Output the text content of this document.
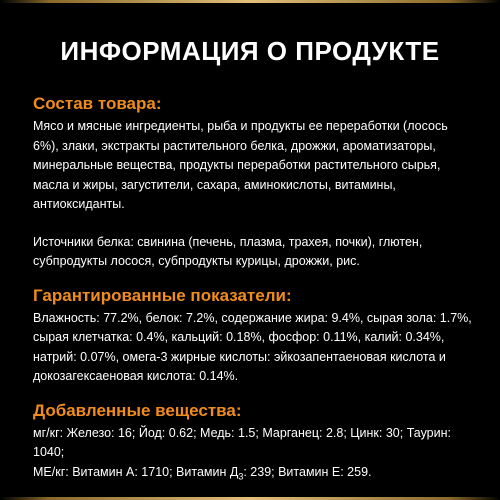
ИНФОРМАЦИЯ О ПРОДУКТЕ
Состав товара:

Мясо и мясные ингредиенты, рыба и продукты ее переработки (лосось 6%), злаки, экстракты растительного белка, дрожжи, ароматизаторы, минеральные вещества, продукты переработки растительного сырья, масла и жиры, загустители, сахара, аминокислоты, витамины, антиоксиданты.

Источники белка: свинина (печень, плазма, трахея, почки), глютен, субпродукты лосося, субпродукты курицы, дрожжи, рис.

Гарантированные показатели:

Влажность: 77.2%, белок: 7.2%, содержание жира: 9.4%, сырая зола: 1.7%, сырая клетчатка: 0.4%, кальций: 0.18%, фосфор: 0.11%, калий: 0.34%, натрий: 0.07%, омега-3 жирные кислоты: эйкозапентаеновая кислота и докозагексаеновая кислота: 0.14%.

Добавленные вещества:

мг/кг: Железо: 16; Йод: 0.62; Медь: 1.5; Марганец: 2.8; Цинк: 30; Таурин: 1040;

МЕ/кг: Витамин А: 1710; Витамин $Д_3$: 239; Витамин Е: 259.
